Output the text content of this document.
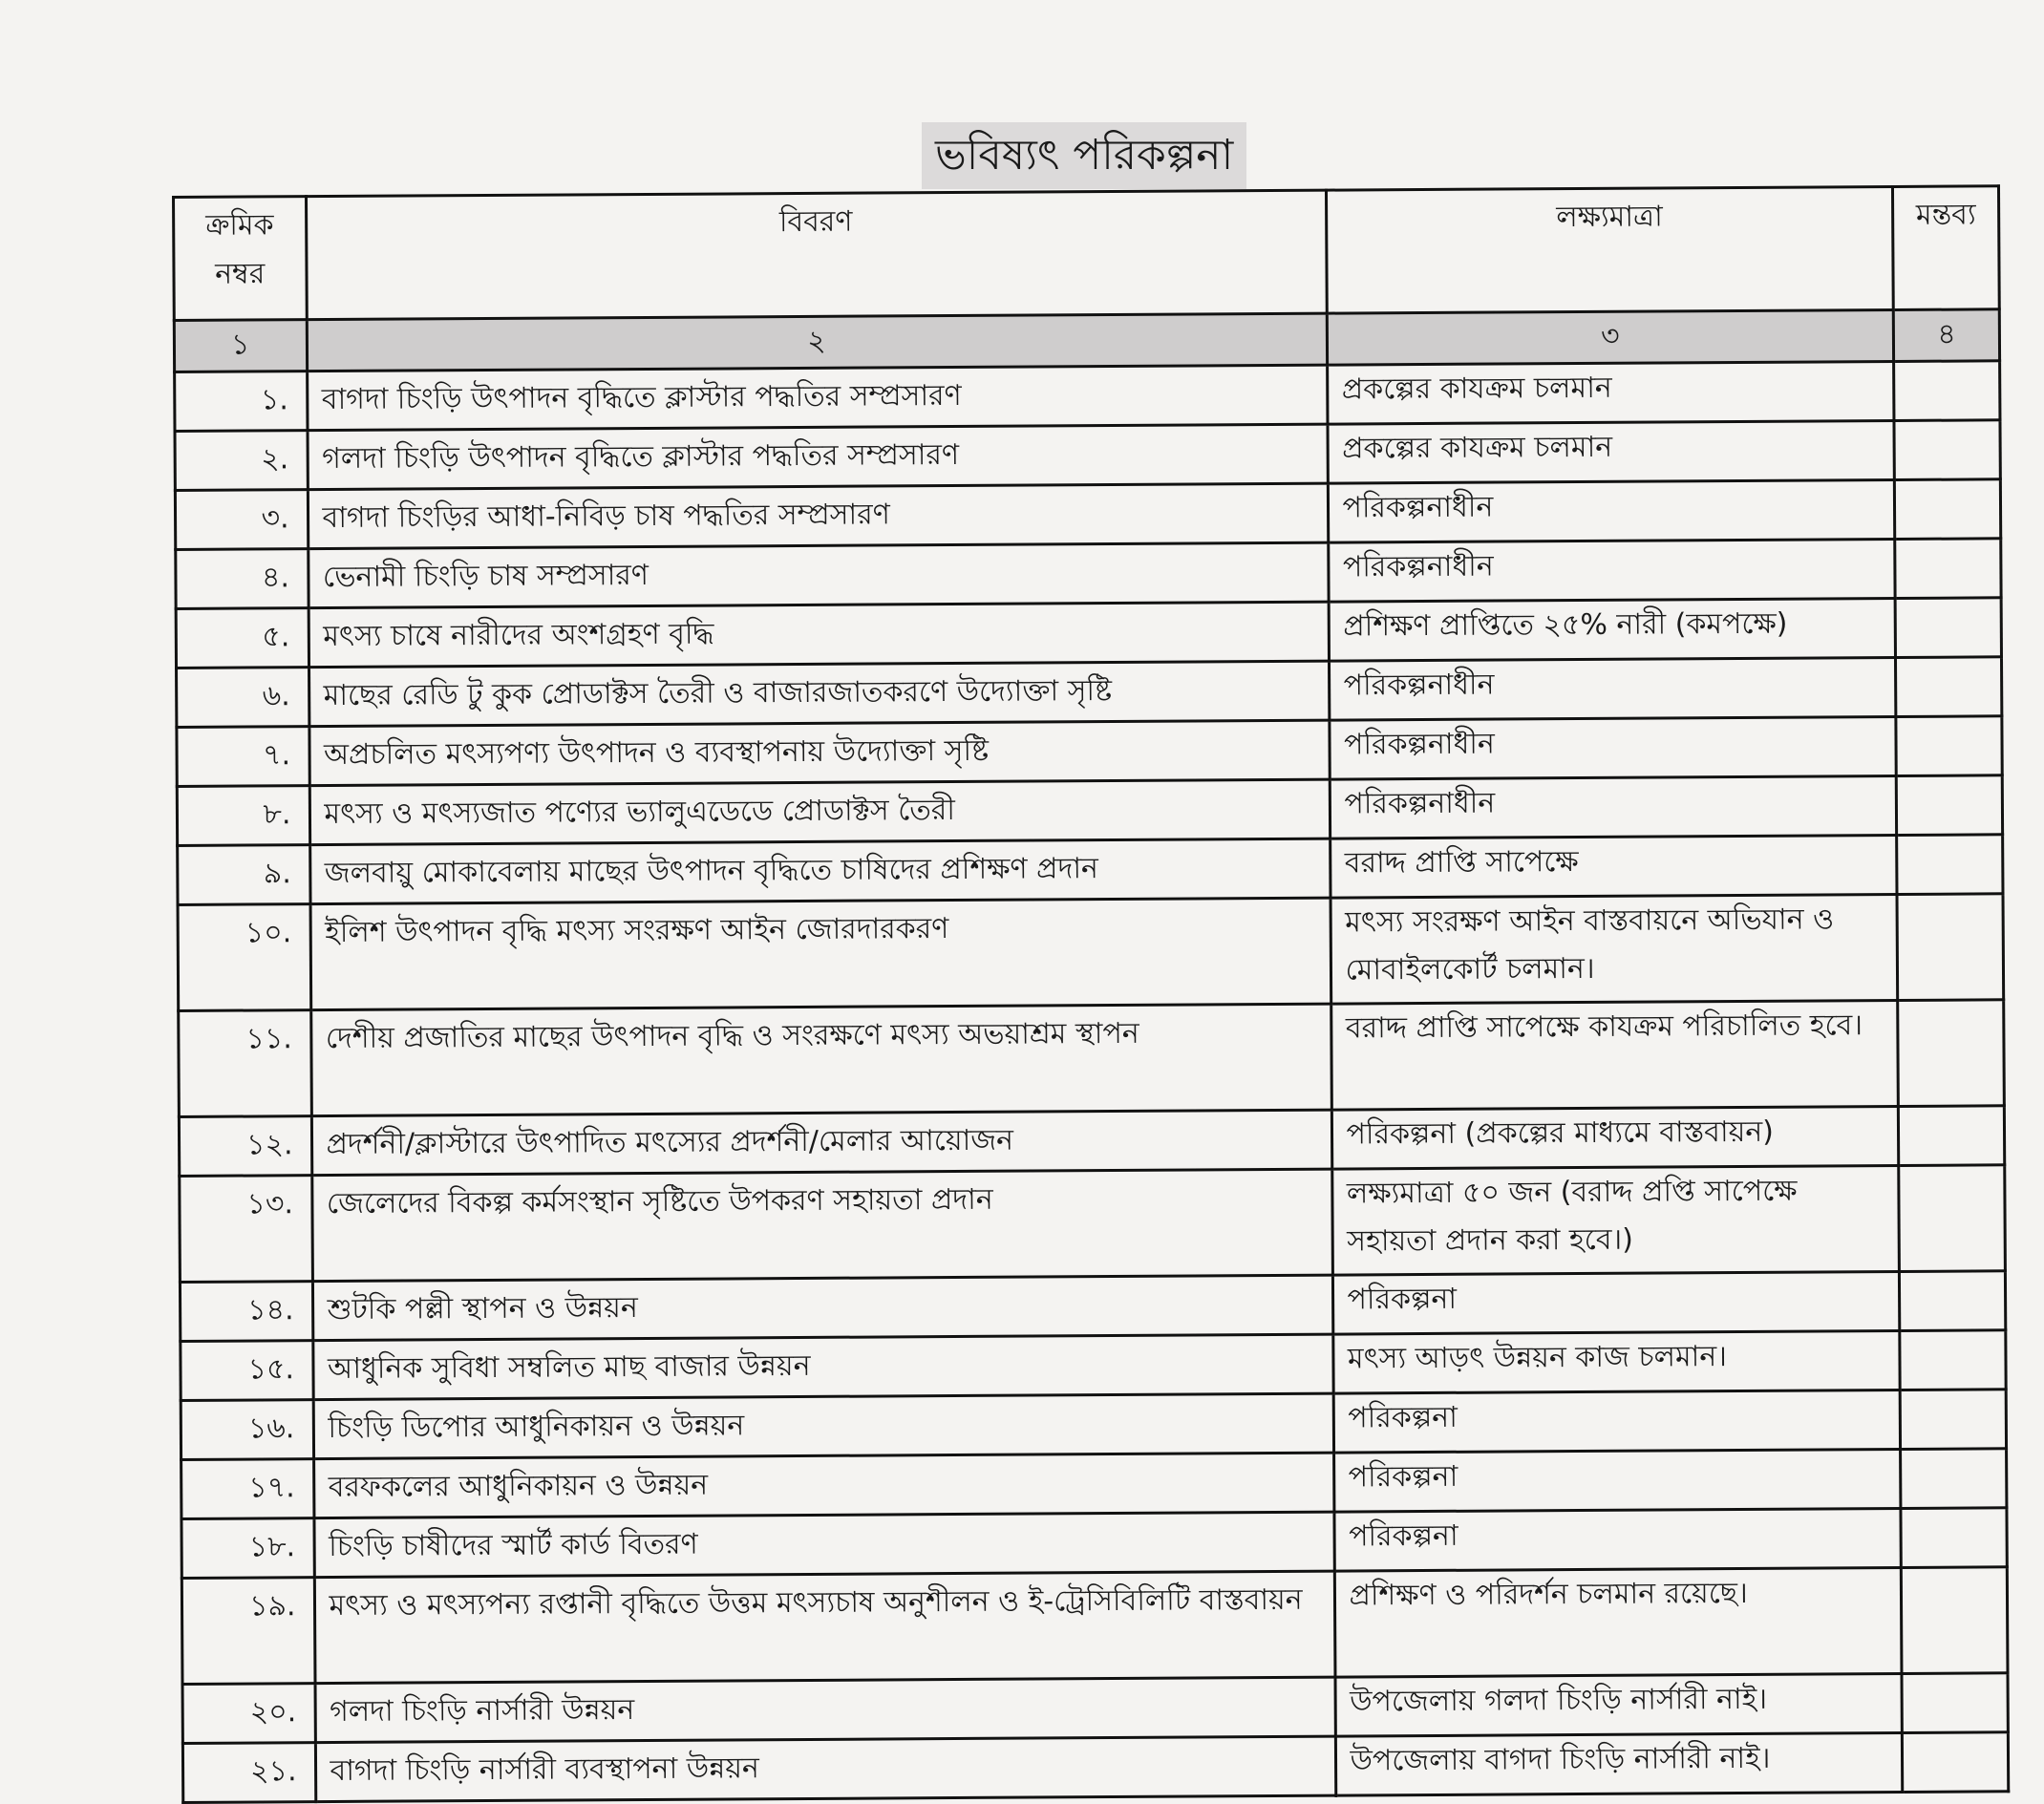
ভবিষ্যৎ পরিকল্পনা
ক্রমিক নম্বর	বিবরণ	লক্ষ্যমাত্রা	মন্তব্য
১	২	৩	৪
১.	বাগদা চিংড়ি উৎপাদন বৃদ্ধিতে ক্লাস্টার পদ্ধতির সম্প্রসারণ	প্রকল্পের কাযক্রম চলমান	
২.	গলদা চিংড়ি উৎপাদন বৃদ্ধিতে ক্লাস্টার পদ্ধতির সম্প্রসারণ	প্রকল্পের কাযক্রম চলমান	
৩.	বাগদা চিংড়ির আধা-নিবিড় চাষ পদ্ধতির সম্প্রসারণ	পরিকল্পনাধীন	
৪.	ভেনামী চিংড়ি চাষ সম্প্রসারণ	পরিকল্পনাধীন	
৫.	মৎস্য চাষে নারীদের অংশগ্রহণ বৃদ্ধি	প্রশিক্ষণ প্রাপ্তিতে ২৫% নারী (কমপক্ষে)	
৬.	মাছের রেডি টু কুক প্রোডাক্টস তৈরী ও বাজারজাতকরণে উদ্যোক্তা সৃষ্টি	পরিকল্পনাধীন	
৭.	অপ্রচলিত মৎস্যপণ্য উৎপাদন ও ব্যবস্থাপনায় উদ্যোক্তা সৃষ্টি	পরিকল্পনাধীন	
৮.	মৎস্য ও মৎস্যজাত পণ্যের ভ্যালুএডেডে প্রোডাক্টস তৈরী	পরিকল্পনাধীন	
৯.	জলবায়ু মোকাবেলায় মাছের উৎপাদন বৃদ্ধিতে চাষিদের প্রশিক্ষণ প্রদান	বরাদ্দ প্রাপ্তি সাপেক্ষে	
১০.	ইলিশ উৎপাদন বৃদ্ধি মৎস্য সংরক্ষণ আইন জোরদারকরণ	মৎস্য সংরক্ষণ আইন বাস্তবায়নে অভিযান ও মোবাইলকোর্ট চলমান।	
১১.	দেশীয় প্রজাতির মাছের উৎপাদন বৃদ্ধি ও সংরক্ষণে মৎস্য অভয়াশ্রম স্থাপন	বরাদ্দ প্রাপ্তি সাপেক্ষে কাযক্রম পরিচালিত হবে।	
১২.	প্রদর্শনী/ক্লাস্টারে উৎপাদিত মৎস্যের প্রদর্শনী/মেলার আয়োজন	পরিকল্পনা (প্রকল্পের মাধ্যমে বাস্তবায়ন)	
১৩.	জেলেদের বিকল্প কর্মসংস্থান সৃষ্টিতে উপকরণ সহায়তা প্রদান	লক্ষ্যমাত্রা ৫০ জন (বরাদ্দ প্রপ্তি সাপেক্ষে সহায়তা প্রদান করা হবে।)	
১৪.	শুটকি পল্লী স্থাপন ও উন্নয়ন	পরিকল্পনা	
১৫.	আধুনিক সুবিধা সম্বলিত মাছ বাজার উন্নয়ন	মৎস্য আড়ৎ উন্নয়ন কাজ চলমান।	
১৬.	চিংড়ি ডিপোর আধুনিকায়ন ও উন্নয়ন	পরিকল্পনা	
১৭.	বরফকলের আধুনিকায়ন ও উন্নয়ন	পরিকল্পনা	
১৮.	চিংড়ি চাষীদের স্মার্ট কার্ড বিতরণ	পরিকল্পনা	
১৯.	মৎস্য ও মৎস্যপন্য রপ্তানী বৃদ্ধিতে উত্তম মৎস্যচাষ অনুশীলন ও ই-ট্রেসিবিলিটি বাস্তবায়ন	প্রশিক্ষণ ও পরিদর্শন চলমান রয়েছে।	
২০.	গলদা চিংড়ি নার্সারী উন্নয়ন	উপজেলায় গলদা চিংড়ি নার্সারী নাই।	
২১.	বাগদা চিংড়ি নার্সারী ব্যবস্থাপনা উন্নয়ন	উপজেলায় বাগদা চিংড়ি নার্সারী নাই।	
